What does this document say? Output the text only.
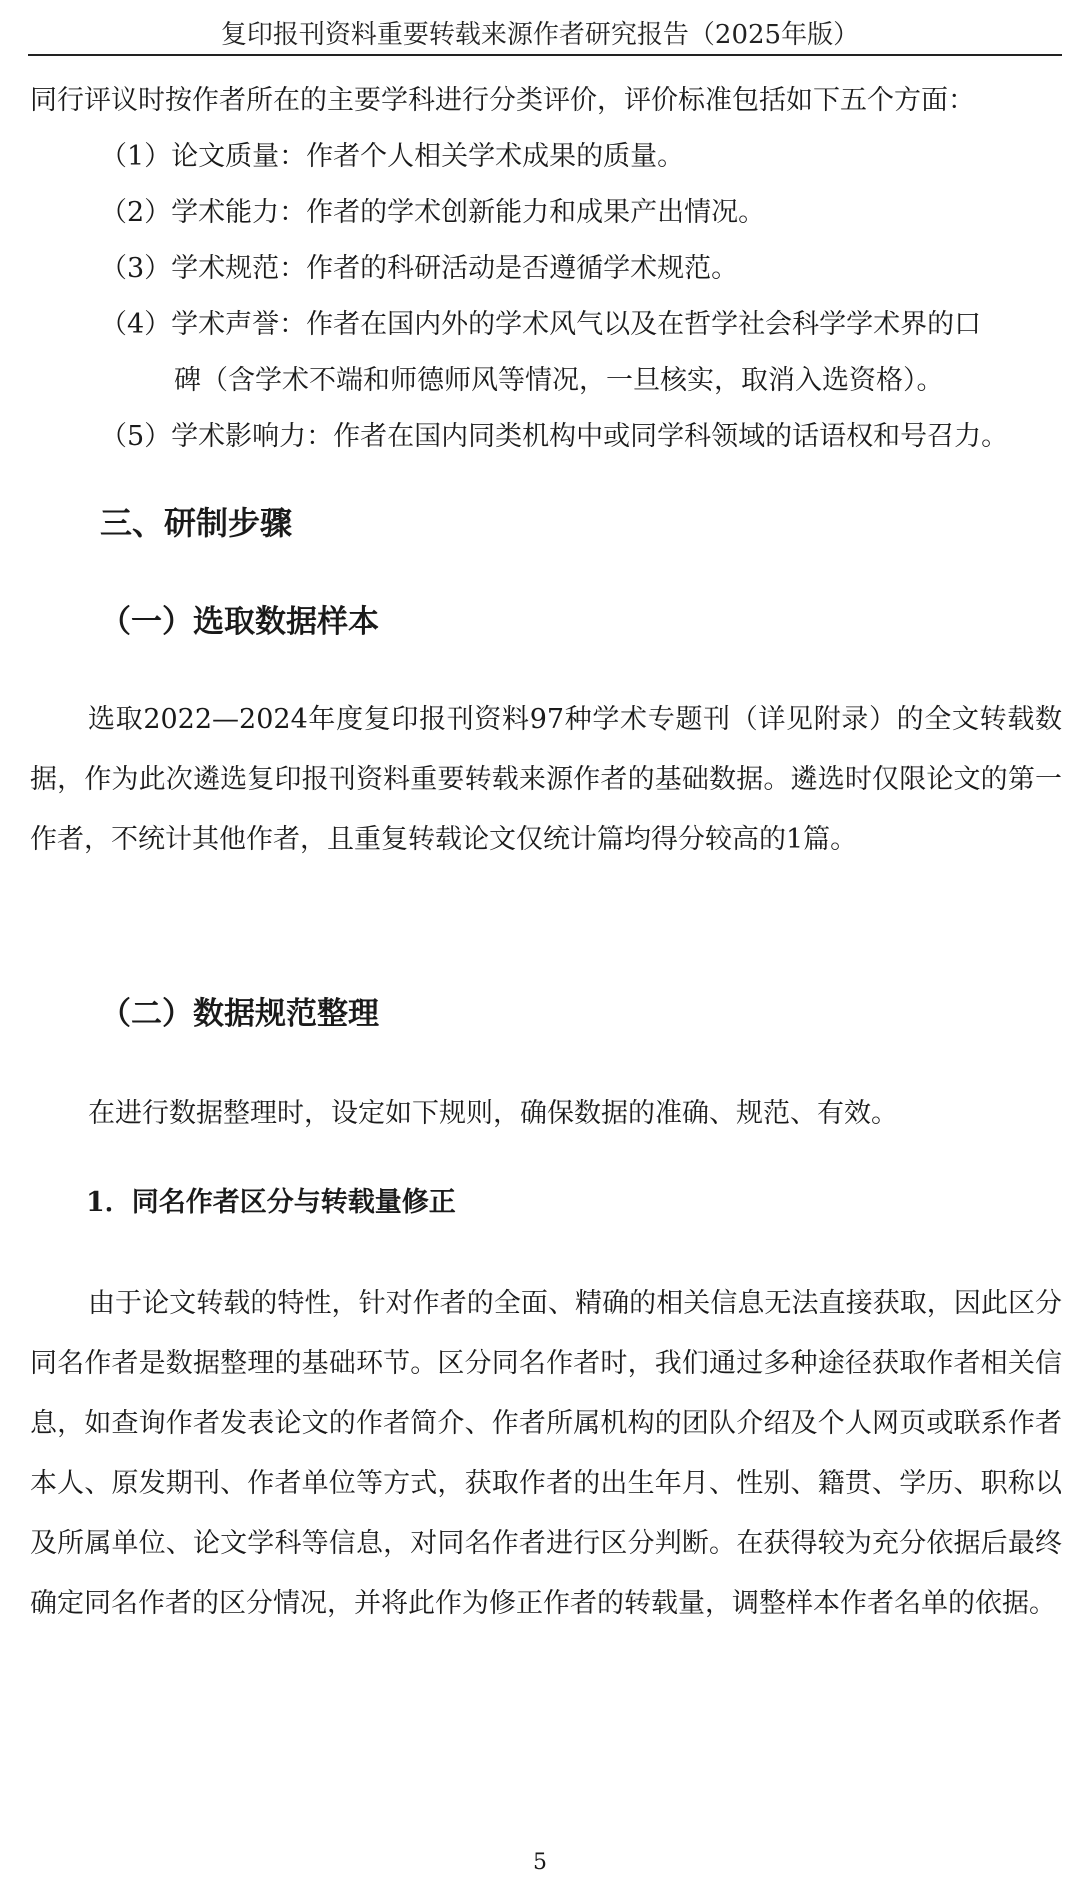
复印报刊资料重要转载来源作者研究报告（2025年版）
同行评议时按作者所在的主要学科进行分类评价，评价标准包括如下五个方面：
（1）论文质量：作者个人相关学术成果的质量。
（2）学术能力：作者的学术创新能力和成果产出情况。
（3）学术规范：作者的科研活动是否遵循学术规范。
（4）学术声誉：作者在国内外的学术风气以及在哲学社会科学学术界的口
碑（含学术不端和师德师风等情况，一旦核实，取消入选资格）。
（5）学术影响力：作者在国内同类机构中或同学科领域的话语权和号召力。
三、研制步骤
（一）选取数据样本
选取2022—2024年度复印报刊资料97种学术专题刊（详见附录）的全文转载数据，作为此次遴选复印报刊资料重要转载来源作者的基础数据。遴选时仅限论文的第一作者，不统计其他作者，且重复转载论文仅统计篇均得分较高的1篇。
（二）数据规范整理
在进行数据整理时，设定如下规则，确保数据的准确、规范、有效。
1．同名作者区分与转载量修正
由于论文转载的特性，针对作者的全面、精确的相关信息无法直接获取，因此区分同名作者是数据整理的基础环节。区分同名作者时，我们通过多种途径获取作者相关信息，如查询作者发表论文的作者简介、作者所属机构的团队介绍及个人网页或联系作者本人、原发期刊、作者单位等方式，获取作者的出生年月、性别、籍贯、学历、职称以及所属单位、论文学科等信息，对同名作者进行区分判断。在获得较为充分依据后最终确定同名作者的区分情况，并将此作为修正作者的转载量，调整样本作者名单的依据。
5
